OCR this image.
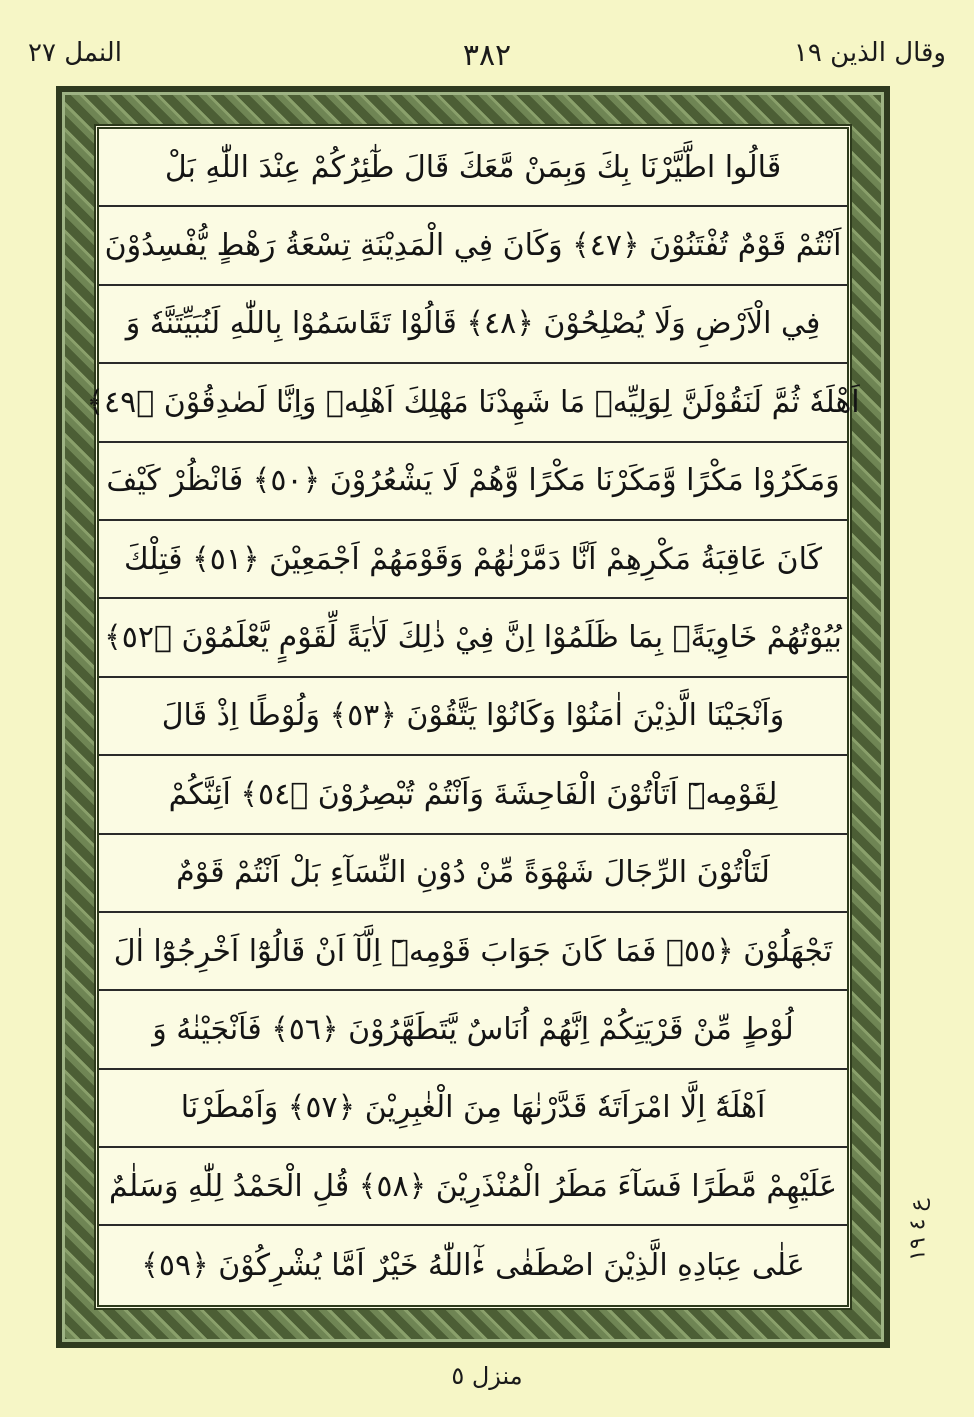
وقال الذين ١٩
٣٨٢
النمل ٢٧
قَالُوا اطَّيَّرْنَا بِكَ وَبِمَنْ مَّعَكَ قَالَ طٰٓئِرُكُمْ عِنْدَ اللّٰهِ بَلْ
اَنْتُمْ قَوْمٌ تُفْتَنُوْنَ ﴿٤٧﴾ وَكَانَ فِي الْمَدِيْنَةِ تِسْعَةُ رَهْطٍ يُّفْسِدُوْنَ
فِي الْاَرْضِ وَلَا يُصْلِحُوْنَ ﴿٤٨﴾ قَالُوْا تَقَاسَمُوْا بِاللّٰهِ لَنُبَيِّتَنَّهٗ وَ
اَهْلَهٗ ثُمَّ لَنَقُوْلَنَّ لِوَلِيِّهٖ مَا شَهِدْنَا مَهْلِكَ اَهْلِهٖ وَاِنَّا لَصٰدِقُوْنَ ﴿٤٩﴾
وَمَكَرُوْا مَكْرًا وَّمَكَرْنَا مَكْرًا وَّهُمْ لَا يَشْعُرُوْنَ ﴿٥٠﴾ فَانْظُرْ كَيْفَ
كَانَ عَاقِبَةُ مَكْرِهِمْ اَنَّا دَمَّرْنٰهُمْ وَقَوْمَهُمْ اَجْمَعِيْنَ ﴿٥١﴾ فَتِلْكَ
بُيُوْتُهُمْ خَاوِيَةًۢ بِمَا ظَلَمُوْا اِنَّ فِيْ ذٰلِكَ لَاٰيَةً لِّقَوْمٍ يَّعْلَمُوْنَ ﴿٥٢﴾
وَاَنْجَيْنَا الَّذِيْنَ اٰمَنُوْا وَكَانُوْا يَتَّقُوْنَ ﴿٥٣﴾ وَلُوْطًا اِذْ قَالَ
لِقَوْمِهٖٓ اَتَاْتُوْنَ الْفَاحِشَةَ وَاَنْتُمْ تُبْصِرُوْنَ ﴿٥٤﴾ اَئِنَّكُمْ
لَتَاْتُوْنَ الرِّجَالَ شَهْوَةً مِّنْ دُوْنِ النِّسَآءِ بَلْ اَنْتُمْ قَوْمٌ
تَجْهَلُوْنَ ﴿٥٥﴾ فَمَا كَانَ جَوَابَ قَوْمِهٖٓ اِلَّآ اَنْ قَالُوْٓا اَخْرِجُوْٓا اٰلَ
لُوْطٍ مِّنْ قَرْيَتِكُمْ اِنَّهُمْ اُنَاسٌ يَّتَطَهَّرُوْنَ ﴿٥٦﴾ فَاَنْجَيْنٰهُ وَ
اَهْلَهٗٓ اِلَّا امْرَاَتَهٗ قَدَّرْنٰهَا مِنَ الْغٰبِرِيْنَ ﴿٥٧﴾ وَاَمْطَرْنَا
عَلَيْهِمْ مَّطَرًا فَسَآءَ مَطَرُ الْمُنْذَرِيْنَ ﴿٥٨﴾ قُلِ الْحَمْدُ لِلّٰهِ وَسَلٰمٌ
عَلٰى عِبَادِهِ الَّذِيْنَ اصْطَفٰى ءٰٓاللّٰهُ خَيْرٌ اَمَّا يُشْرِكُوْنَ ﴿٥٩﴾	ع ٤ ١٩
منزل ٥
